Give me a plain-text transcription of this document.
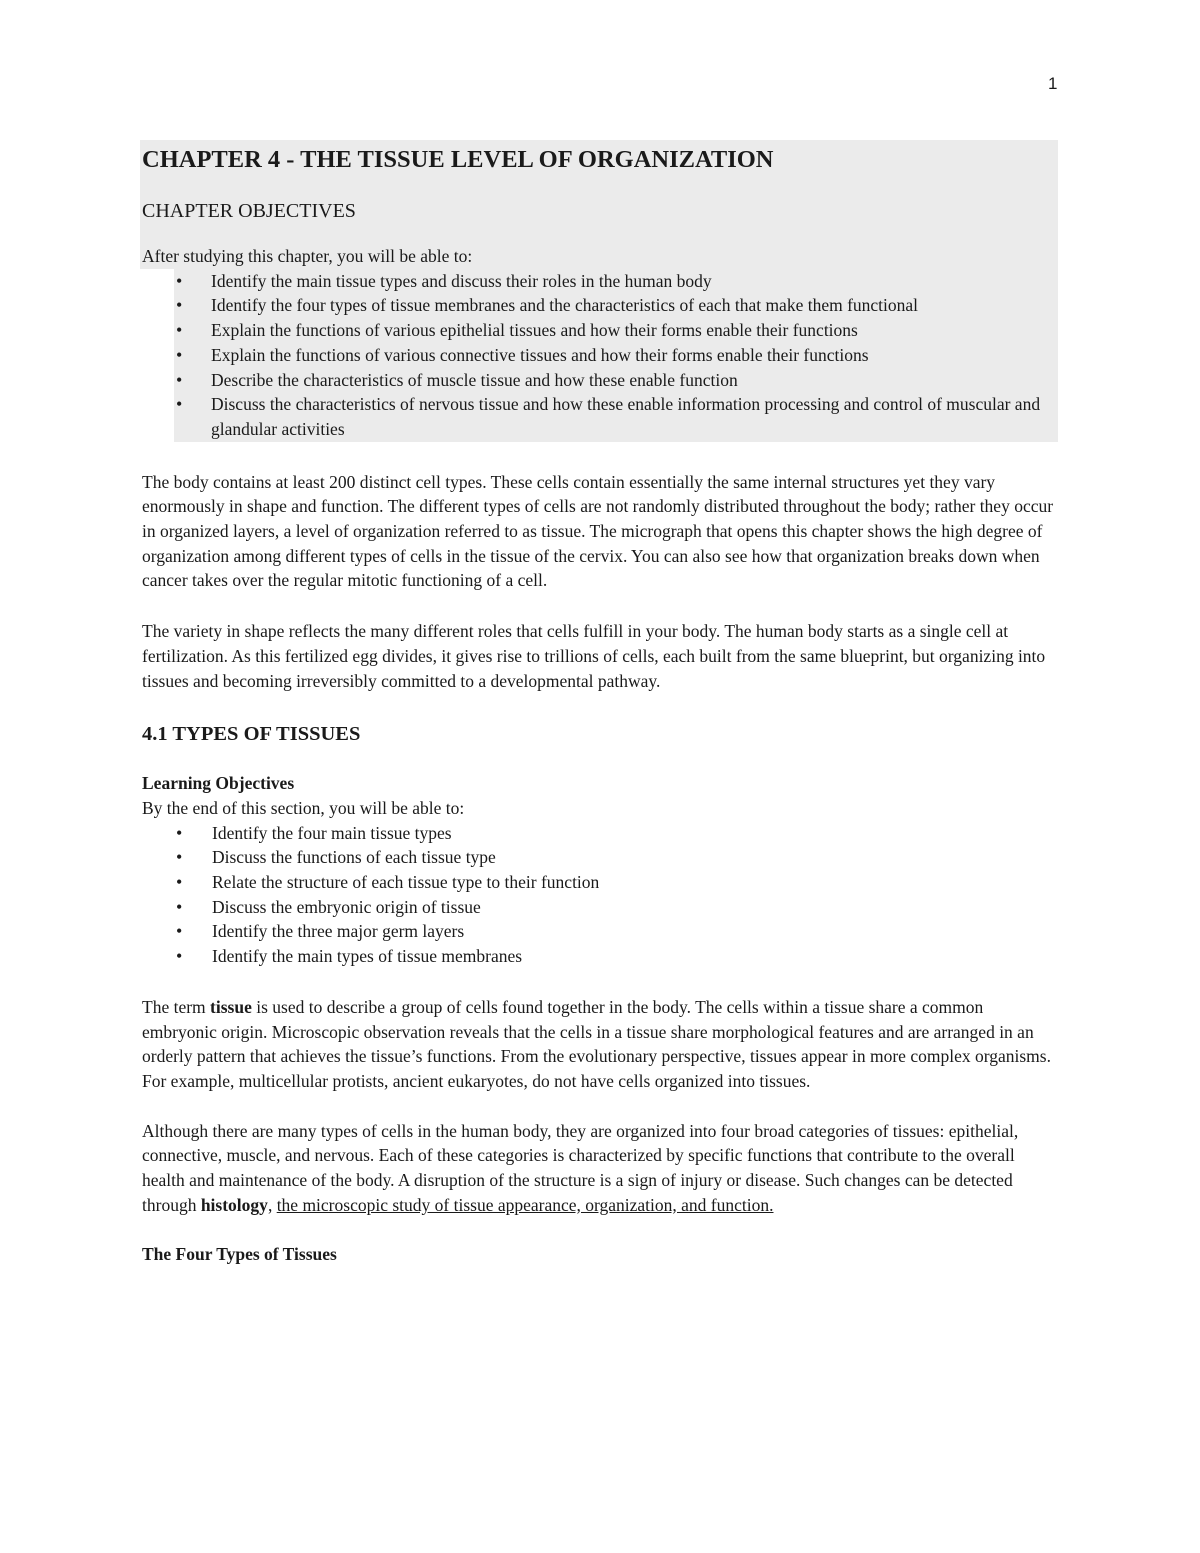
1
CHAPTER 4 - THE TISSUE LEVEL OF ORGANIZATION
CHAPTER OBJECTIVES
After studying this chapter, you will be able to:
• Identify the main tissue types and discuss their roles in the human body
• Identify the four types of tissue membranes and the characteristics of each that make them functional
• Explain the functions of various epithelial tissues and how their forms enable their functions
• Explain the functions of various connective tissues and how their forms enable their functions
• Describe the characteristics of muscle tissue and how these enable function
• Discuss the characteristics of nervous tissue and how these enable information processing and control of muscular and glandular activities

The body contains at least 200 distinct cell types. These cells contain essentially the same internal structures yet they vary enormously in shape and function. The different types of cells are not randomly distributed throughout the body; rather they occur in organized layers, a level of organization referred to as tissue. The micrograph that opens this chapter shows the high degree of organization among different types of cells in the tissue of the cervix. You can also see how that organization breaks down when cancer takes over the regular mitotic functioning of a cell.

The variety in shape reflects the many different roles that cells fulfill in your body. The human body starts as a single cell at fertilization. As this fertilized egg divides, it gives rise to trillions of cells, each built from the same blueprint, but organizing into tissues and becoming irreversibly committed to a developmental pathway.

4.1 TYPES OF TISSUES
Learning Objectives

By the end of this section, you will be able to:

• Identify the four main tissue types
• Discuss the functions of each tissue type
• Relate the structure of each tissue type to their function
• Discuss the embryonic origin of tissue
• Identify the three major germ layers
• Identify the main types of tissue membranes

The term tissue is used to describe a group of cells found together in the body. The cells within a tissue share a common embryonic origin. Microscopic observation reveals that the cells in a tissue share morphological features and are arranged in an orderly pattern that achieves the tissue’s functions. From the evolutionary perspective, tissues appear in more complex organisms. For example, multicellular protists, ancient eukaryotes, do not have cells organized into tissues.

Although there are many types of cells in the human body, they are organized into four broad categories of tissues: epithelial, connective, muscle, and nervous. Each of these categories is characterized by specific functions that contribute to the overall health and maintenance of the body. A disruption of the structure is a sign of injury or disease. Such changes can be detected through histology, the microscopic study of tissue appearance, organization, and function.

The Four Types of Tissues
